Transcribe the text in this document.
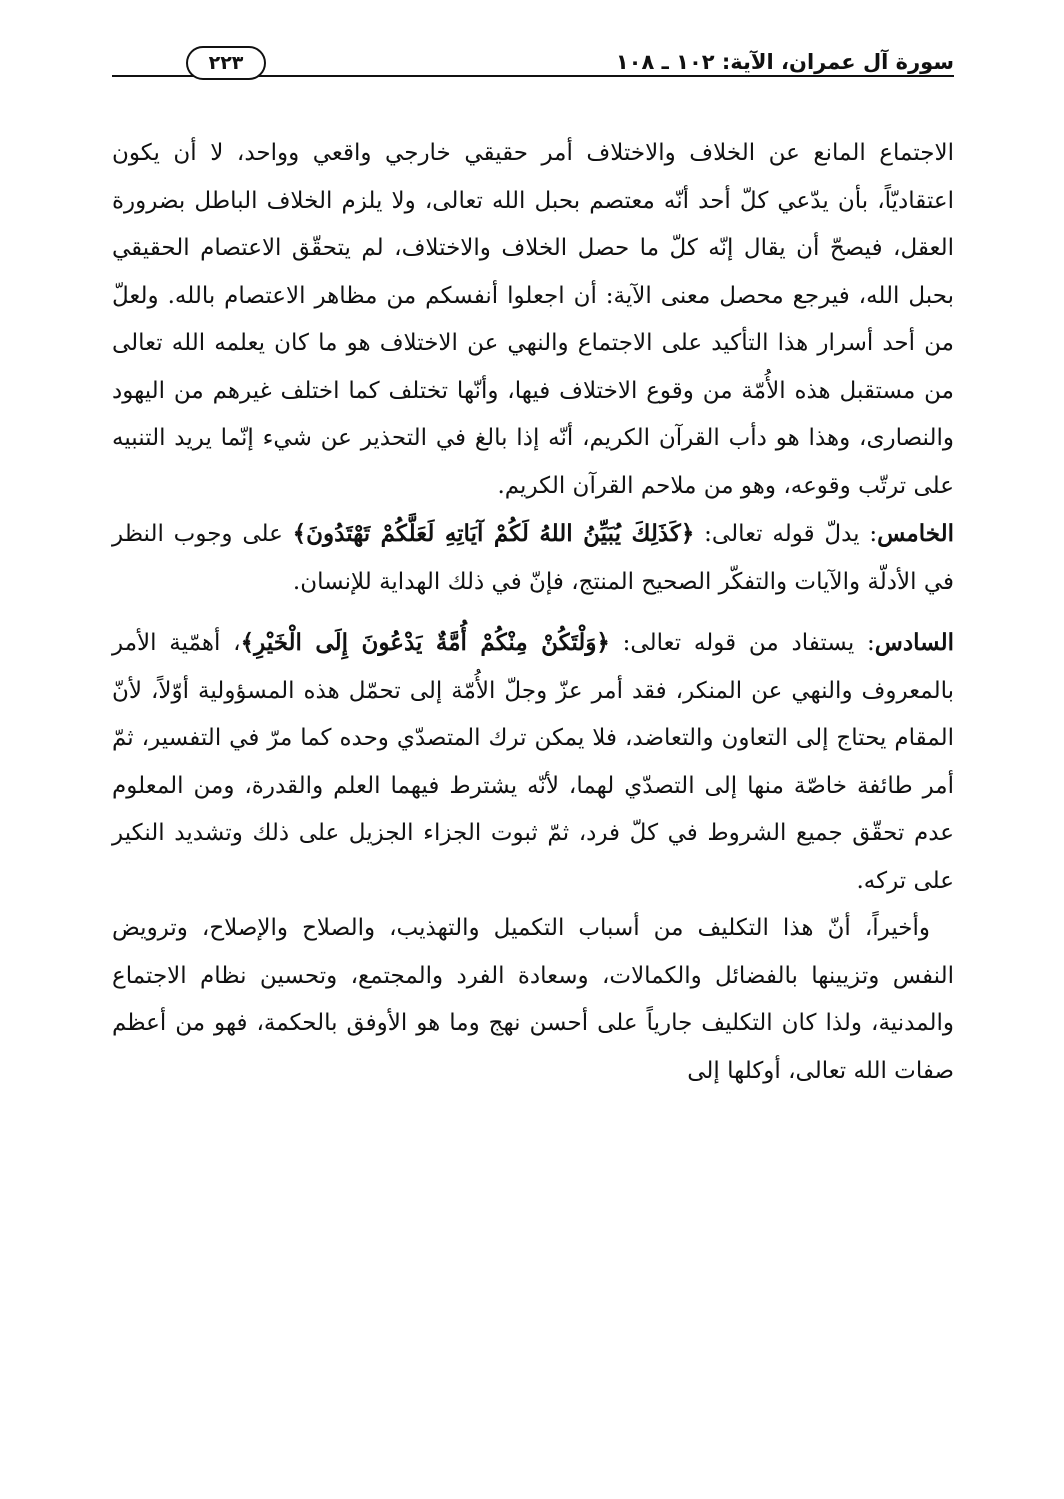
٢٢٣	سورة آل عمران، الآية: ١٠٢ ـ ١٠٨

الاجتماع المانع عن الخلاف والاختلاف أمر حقيقي خارجي واقعي وواحد، لا أن يكون اعتقاديّاً، بأن يدّعي كلّ أحد أنّه معتصم بحبل الله تعالى، ولا يلزم الخلاف الباطل بضرورة العقل، فيصحّ أن يقال إنّه كلّ ما حصل الخلاف والاختلاف، لم يتحقّق الاعتصام الحقيقي بحبل الله، فيرجع محصل معنى الآية: أن اجعلوا أنفسكم من مظاهر الاعتصام بالله. ولعلّ من أحد أسرار هذا التأكيد على الاجتماع والنهي عن الاختلاف هو ما كان يعلمه الله تعالى من مستقبل هذه الأُمّة من وقوع الاختلاف فيها، وأنّها تختلف كما اختلف غيرهم من اليهود والنصارى، وهذا هو دأب القرآن الكريم، أنّه إذا بالغ في التحذير عن شيء إنّما يريد التنبيه على ترتّب وقوعه، وهو من ملاحم القرآن الكريم.

الخامس: يدلّ قوله تعالى: ﴿كَذَلِكَ يُبَيِّنُ اللهُ لَكُمْ آيَاتِهِ لَعَلَّكُمْ تَهْتَدُونَ﴾ على وجوب النظر في الأدلّة والآيات والتفكّر الصحيح المنتج، فإنّ في ذلك الهداية للإنسان.

السادس: يستفاد من قوله تعالى: ﴿وَلْتَكُنْ مِنْكُمْ أُمَّةٌ يَدْعُونَ إِلَى الْخَيْرِ﴾، أهمّية الأمر بالمعروف والنهي عن المنكر، فقد أمر عزّ وجلّ الأُمّة إلى تحمّل هذه المسؤولية أوّلاً، لأنّ المقام يحتاج إلى التعاون والتعاضد، فلا يمكن ترك المتصدّي وحده كما مرّ في التفسير، ثمّ أمر طائفة خاصّة منها إلى التصدّي لهما، لأنّه يشترط فيهما العلم والقدرة، ومن المعلوم عدم تحقّق جميع الشروط في كلّ فرد، ثمّ ثبوت الجزاء الجزيل على ذلك وتشديد النكير على تركه.

وأخيراً، أنّ هذا التكليف من أسباب التكميل والتهذيب، والصلاح والإصلاح، وترويض النفس وتزيينها بالفضائل والكمالات، وسعادة الفرد والمجتمع، وتحسين نظام الاجتماع والمدنية، ولذا كان التكليف جارياً على أحسن نهج وما هو الأوفق بالحكمة، فهو من أعظم صفات الله تعالى، أوكلها إلى
